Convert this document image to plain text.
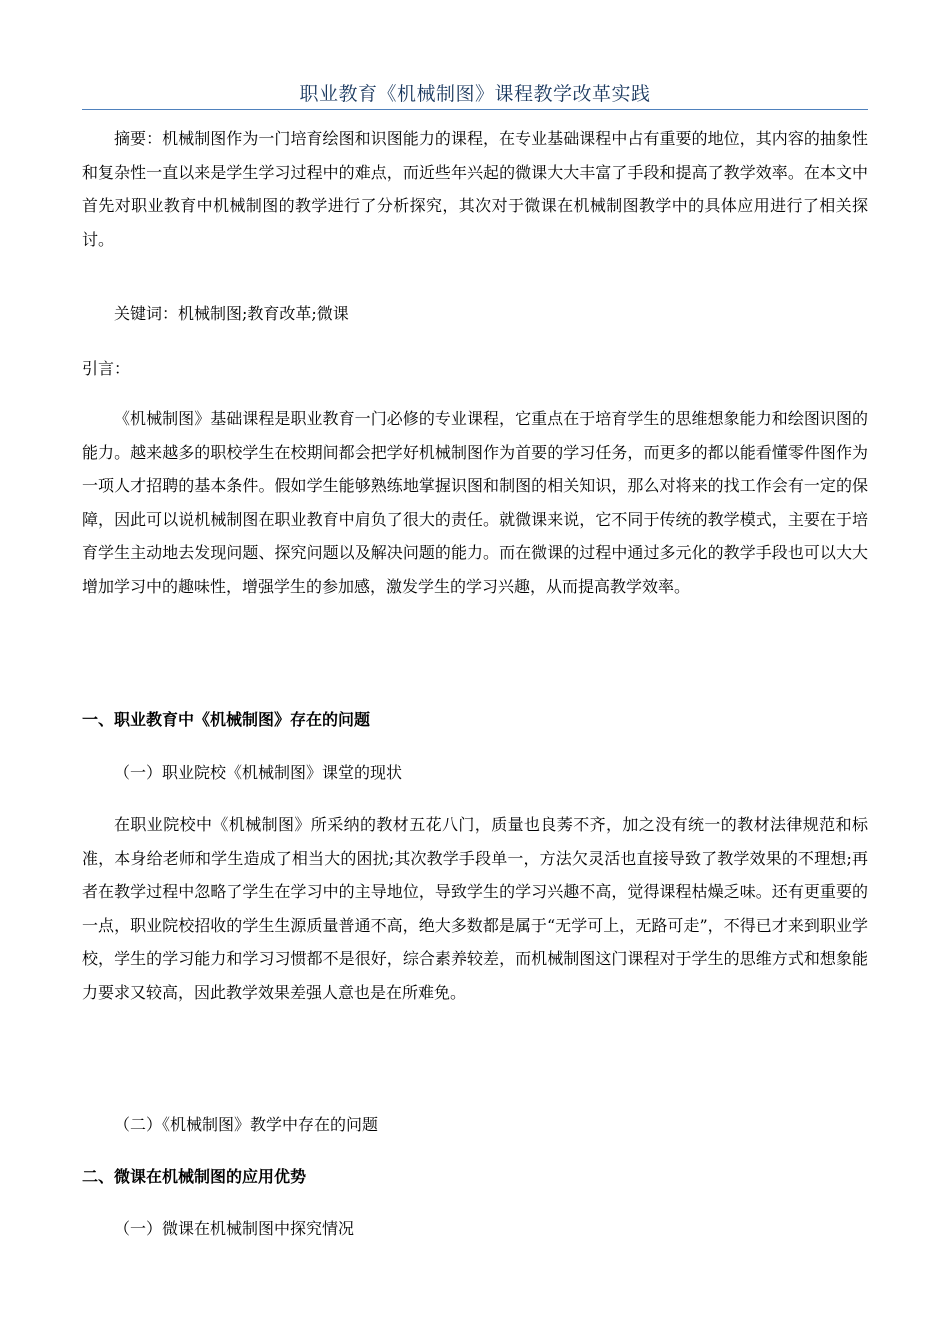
职业教育《机械制图》课程教学改革实践

摘要：机械制图作为一门培育绘图和识图能力的课程，在专业基础课程中占有重要的地位，其内容的抽象性和复杂性一直以来是学生学习过程中的难点，而近些年兴起的微课大大丰富了手段和提高了教学效率。在本文中首先对职业教育中机械制图的教学进行了分析探究，其次对于微课在机械制图教学中的具体应用进行了相关探讨。

关键词：机械制图;教育改革;微课

引言：

《机械制图》基础课程是职业教育一门必修的专业课程，它重点在于培育学生的思维想象能力和绘图识图的能力。越来越多的职校学生在校期间都会把学好机械制图作为首要的学习任务，而更多的都以能看懂零件图作为一项人才招聘的基本条件。假如学生能够熟练地掌握识图和制图的相关知识，那么对将来的找工作会有一定的保障，因此可以说机械制图在职业教育中肩负了很大的责任。就微课来说，它不同于传统的教学模式，主要在于培育学生主动地去发现问题、探究问题以及解决问题的能力。而在微课的过程中通过多元化的教学手段也可以大大增加学习中的趣味性，增强学生的参加感，激发学生的学习兴趣，从而提高教学效率。

一、职业教育中《机械制图》存在的问题

（一）职业院校《机械制图》课堂的现状

在职业院校中《机械制图》所采纳的教材五花八门，质量也良莠不齐，加之没有统一的教材法律规范和标准，本身给老师和学生造成了相当大的困扰;其次教学手段单一，方法欠灵活也直接导致了教学效果的不理想;再者在教学过程中忽略了学生在学习中的主导地位，导致学生的学习兴趣不高，觉得课程枯燥乏味。还有更重要的一点，职业院校招收的学生生源质量普通不高，绝大多数都是属于“无学可上，无路可走”，不得已才来到职业学校，学生的学习能力和学习习惯都不是很好，综合素养较差，而机械制图这门课程对于学生的思维方式和想象能力要求又较高，因此教学效果差强人意也是在所难免。

（二）《机械制图》教学中存在的问题

二、微课在机械制图的应用优势

（一）微课在机械制图中探究情况
